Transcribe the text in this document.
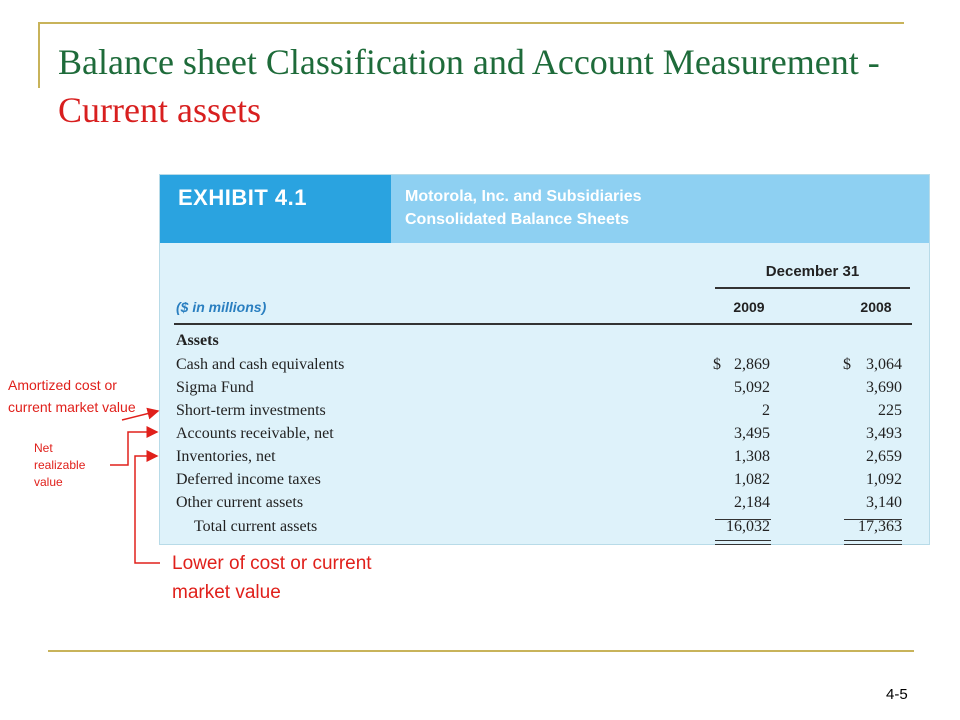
Balance sheet Classification and Account Measurement - Current assets
EXHIBIT 4.1	Motorola, Inc. and Subsidiaries
Consolidated Balance Sheets
December 31
($ in millions)	2009	2008
Assets
Cash and cash equivalents	$ 2,869	$ 3,064
Sigma Fund	5,092	3,690
Short-term investments	2	225
Accounts receivable, net	3,495	3,493
Inventories, net	1,308	2,659
Deferred income taxes	1,082	1,092
Other current assets	2,184	3,140
Total current assets	16,032	17,363
Amortized cost or current market value
Net realizable value
Lower of cost or current market value
4-5
